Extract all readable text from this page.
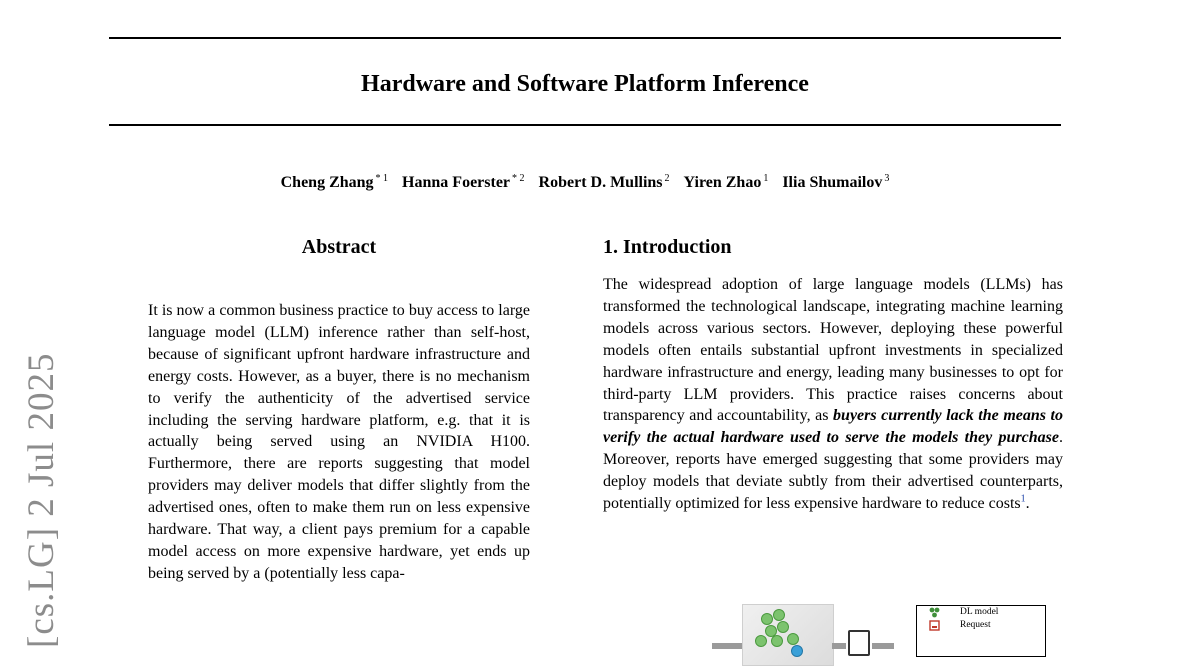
Hardware and Software Platform Inference
Cheng Zhang $^{* 1}$ Hanna Foerster $^{* 2}$ Robert D. Mullins $^2$ Yiren Zhao $^1$ Ilia Shumailov $^3$
[cs.LG] 2 Jul 2025
Abstract
It is now a common business practice to buy access to large language model (LLM) inference rather than self-host, because of significant upfront hardware infrastructure and energy costs. However, as a buyer, there is no mechanism to verify the authenticity of the advertised service including the serving hardware platform, e.g. that it is actually being served using an NVIDIA H100. Furthermore, there are reports suggesting that model providers may deliver models that differ slightly from the advertised ones, often to make them run on less expensive hardware. That way, a client pays premium for a capable model access on more expensive hardware, yet ends up being served by a (potentially less capa-
1. Introduction
The widespread adoption of large language models (LLMs) has transformed the technological landscape, integrating machine learning models across various sectors. However, deploying these powerful models often entails substantial upfront investments in specialized hardware infrastructure and energy, leading many businesses to opt for third-party LLM providers. This practice raises concerns about transparency and accountability, as buyers currently lack the means to verify the actual hardware used to serve the models they purchase. Moreover, reports have emerged suggesting that some providers may deploy models that deviate subtly from their advertised counterparts, potentially optimized for less expensive hardware to reduce costs$^1$.
DL model
Request
